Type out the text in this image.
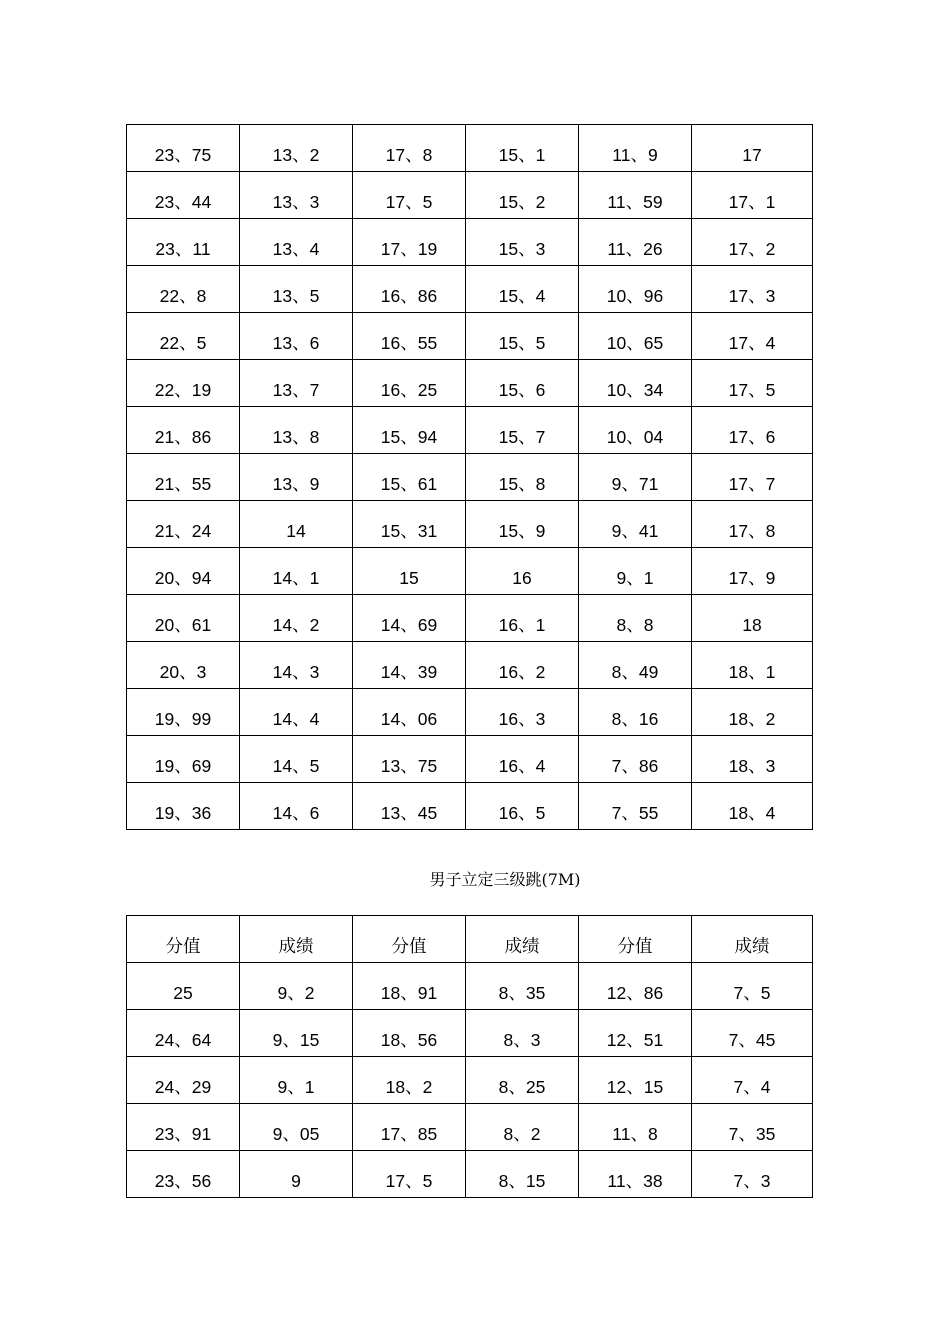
23、75	13、2	17、8	15、1	11、9	17
23、44	13、3	17、5	15、2	11、59	17、1
23、11	13、4	17、19	15、3	11、26	17、2
22、8	13、5	16、86	15、4	10、96	17、3
22、5	13、6	16、55	15、5	10、65	17、4
22、19	13、7	16、25	15、6	10、34	17、5
21、86	13、8	15、94	15、7	10、04	17、6
21、55	13、9	15、61	15、8	9、71	17、7
21、24	14	15、31	15、9	9、41	17、8
20、94	14、1	15	16	9、1	17、9
20、61	14、2	14、69	16、1	8、8	18
20、3	14、3	14、39	16、2	8、49	18、1
19、99	14、4	14、06	16、3	8、16	18、2
19、69	14、5	13、75	16、4	7、86	18、3
19、36	14、6	13、45	16、5	7、55	18、4
男子立定三级跳(7M)
分值	成绩	分值	成绩	分值	成绩
25	9、2	18、91	8、35	12、86	7、5
24、64	9、15	18、56	8、3	12、51	7、45
24、29	9、1	18、2	8、25	12、15	7、4
23、91	9、05	17、85	8、2	11、8	7、35
23、56	9	17、5	8、15	11、38	7、3
